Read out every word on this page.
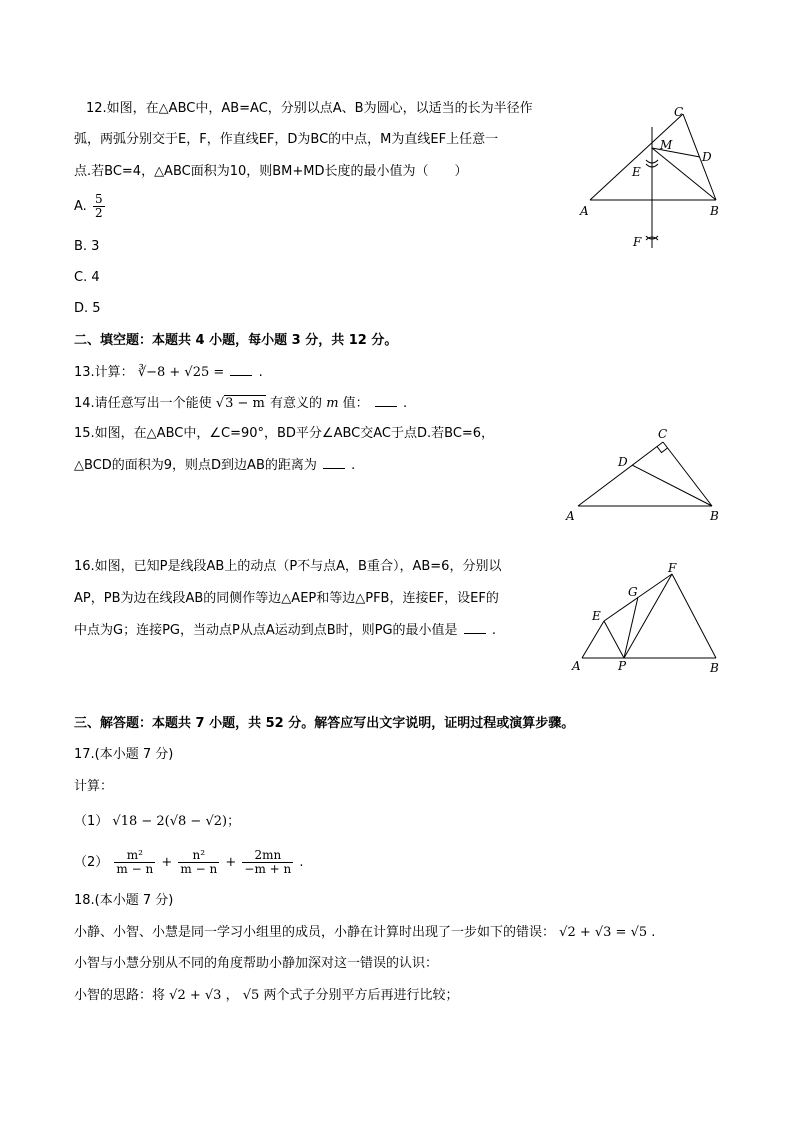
12.如图，在△ABC中，AB=AC，分别以点A、B为圆心，以适当的长为半径作
弧，两弧分别交于E，F，作直线EF，D为BC的中点，M为直线EF上任意一
点.若BC=4，△ABC面积为10，则BM+MD长度的最小值为（　　）
A. $\frac{5}{2}$
B. 3
C. 4
D. 5
C
M
D
E
A	B
F
二、填空题：本题共 4 小题，每小题 3 分，共 12 分。
13.计算： ∛−8 + √25 =	.
14.请任意写出一个能使 √3 − m 有意义的 m 值：	.
15.如图，在△ABC中，∠C=90°，BD平分∠ABC交AC于点D.若BC=6，
△BCD的面积为9，则点D到边AB的距离为	.
C
D
A	B
16.如图，已知P是线段AB上的动点（P不与点A，B重合），AB=6，分别以
AP，PB为边在线段AB的同侧作等边△AEP和等边△PFB，连接EF，设EF的
中点为G；连接PG，当动点P从点A运动到点B时，则PG的最小值是	.
F
G
E
A	P	B
三、解答题：本题共 7 小题，共 52 分。解答应写出文字说明，证明过程或演算步骤。
17.(本小题 7 分)
计算：
（1） √18 − 2(√8 − √2)；
$(2) \frac{\text{m²}}{m - n} + \frac{\text{n²}}{m - n} + \frac{2mn}{-m + n}$ .
18.(本小题 7 分)
小静、小智、小慧是同一学习小组里的成员，小静在计算时出现了一步如下的错误： √2 + √3 = √5 .
小智与小慧分别从不同的角度帮助小静加深对这一错误的认识：
小智的思路：将 √2 + √3 ， √5 两个式子分别平方后再进行比较；
